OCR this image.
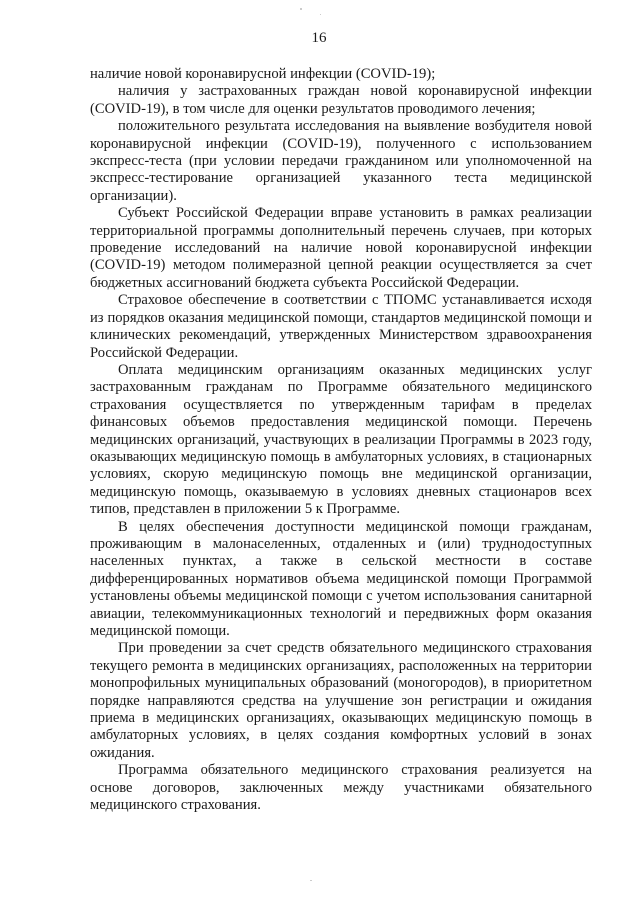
16

наличие новой коронавирусной инфекции (COVID-19);

наличия у застрахованных граждан новой коронавирусной инфекции (COVID-19), в том числе для оценки результатов проводимого лечения;

положительного результата исследования на выявление возбудителя новой коронавирусной инфекции (COVID-19), полученного с использованием экспресс-теста (при условии передачи гражданином или уполномоченной на экспресс-тестирование организацией указанного теста медицинской организации).

Субъект Российской Федерации вправе установить в рамках реализации территориальной программы дополнительный перечень случаев, при которых проведение исследований на наличие новой коронавирусной инфекции (COVID-19) методом полимеразной цепной реакции осуществляется за счет бюджетных ассигнований бюджета субъекта Российской Федерации.

Страховое обеспечение в соответствии с ТПОМС устанавливается исходя из порядков оказания медицинской помощи, стандартов медицинской помощи и клинических рекомендаций, утвержденных Министерством здравоохранения Российской Федерации.

Оплата медицинским организациям оказанных медицинских услуг застрахованным гражданам по Программе обязательного медицинского страхования осуществляется по утвержденным тарифам в пределах финансовых объемов предоставления медицинской помощи. Перечень медицинских организаций, участвующих в реализации Программы в 2023 году, оказывающих медицинскую помощь в амбулаторных условиях, в стационарных условиях, скорую медицинскую помощь вне медицинской организации, медицинскую помощь, оказываемую в условиях дневных стационаров всех типов, представлен в приложении 5 к Программе.

В целях обеспечения доступности медицинской помощи гражданам, проживающим в малонаселенных, отдаленных и (или) труднодоступных населенных пунктах, а также в сельской местности в составе дифференцированных нормативов объема медицинской помощи Программой установлены объемы медицинской помощи с учетом использования санитарной авиации, телекоммуникационных технологий и передвижных форм оказания медицинской помощи.

При проведении за счет средств обязательного медицинского страхования текущего ремонта в медицинских организациях, расположенных на территории монопрофильных муниципальных образований (моногородов), в приоритетном порядке направляются средства на улучшение зон регистрации и ожидания приема в медицинских организациях, оказывающих медицинскую помощь в амбулаторных условиях, в целях создания комфортных условий в зонах ожидания.

Программа обязательного медицинского страхования реализуется на основе договоров, заключенных между участниками обязательного медицинского страхования.
